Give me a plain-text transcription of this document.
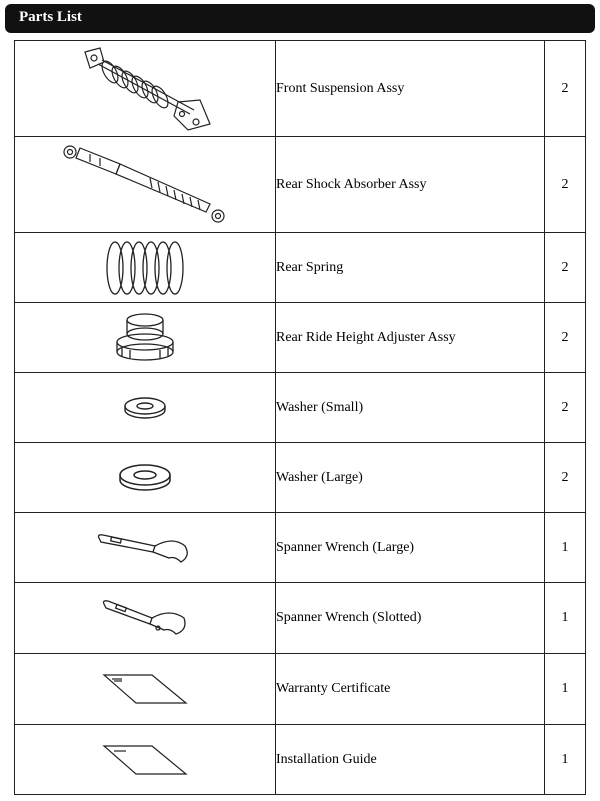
Parts List
	Front Suspension Assy	2

	Rear Shock Absorber Assy	2

	Rear Spring	2

	Rear Ride Height Adjuster Assy	2

	Washer (Small)	2

	Washer (Large)	2

	Spanner Wrench (Large)	1

	Spanner Wrench (Slotted)	1

	Warranty Certificate	1

	Installation Guide	1
